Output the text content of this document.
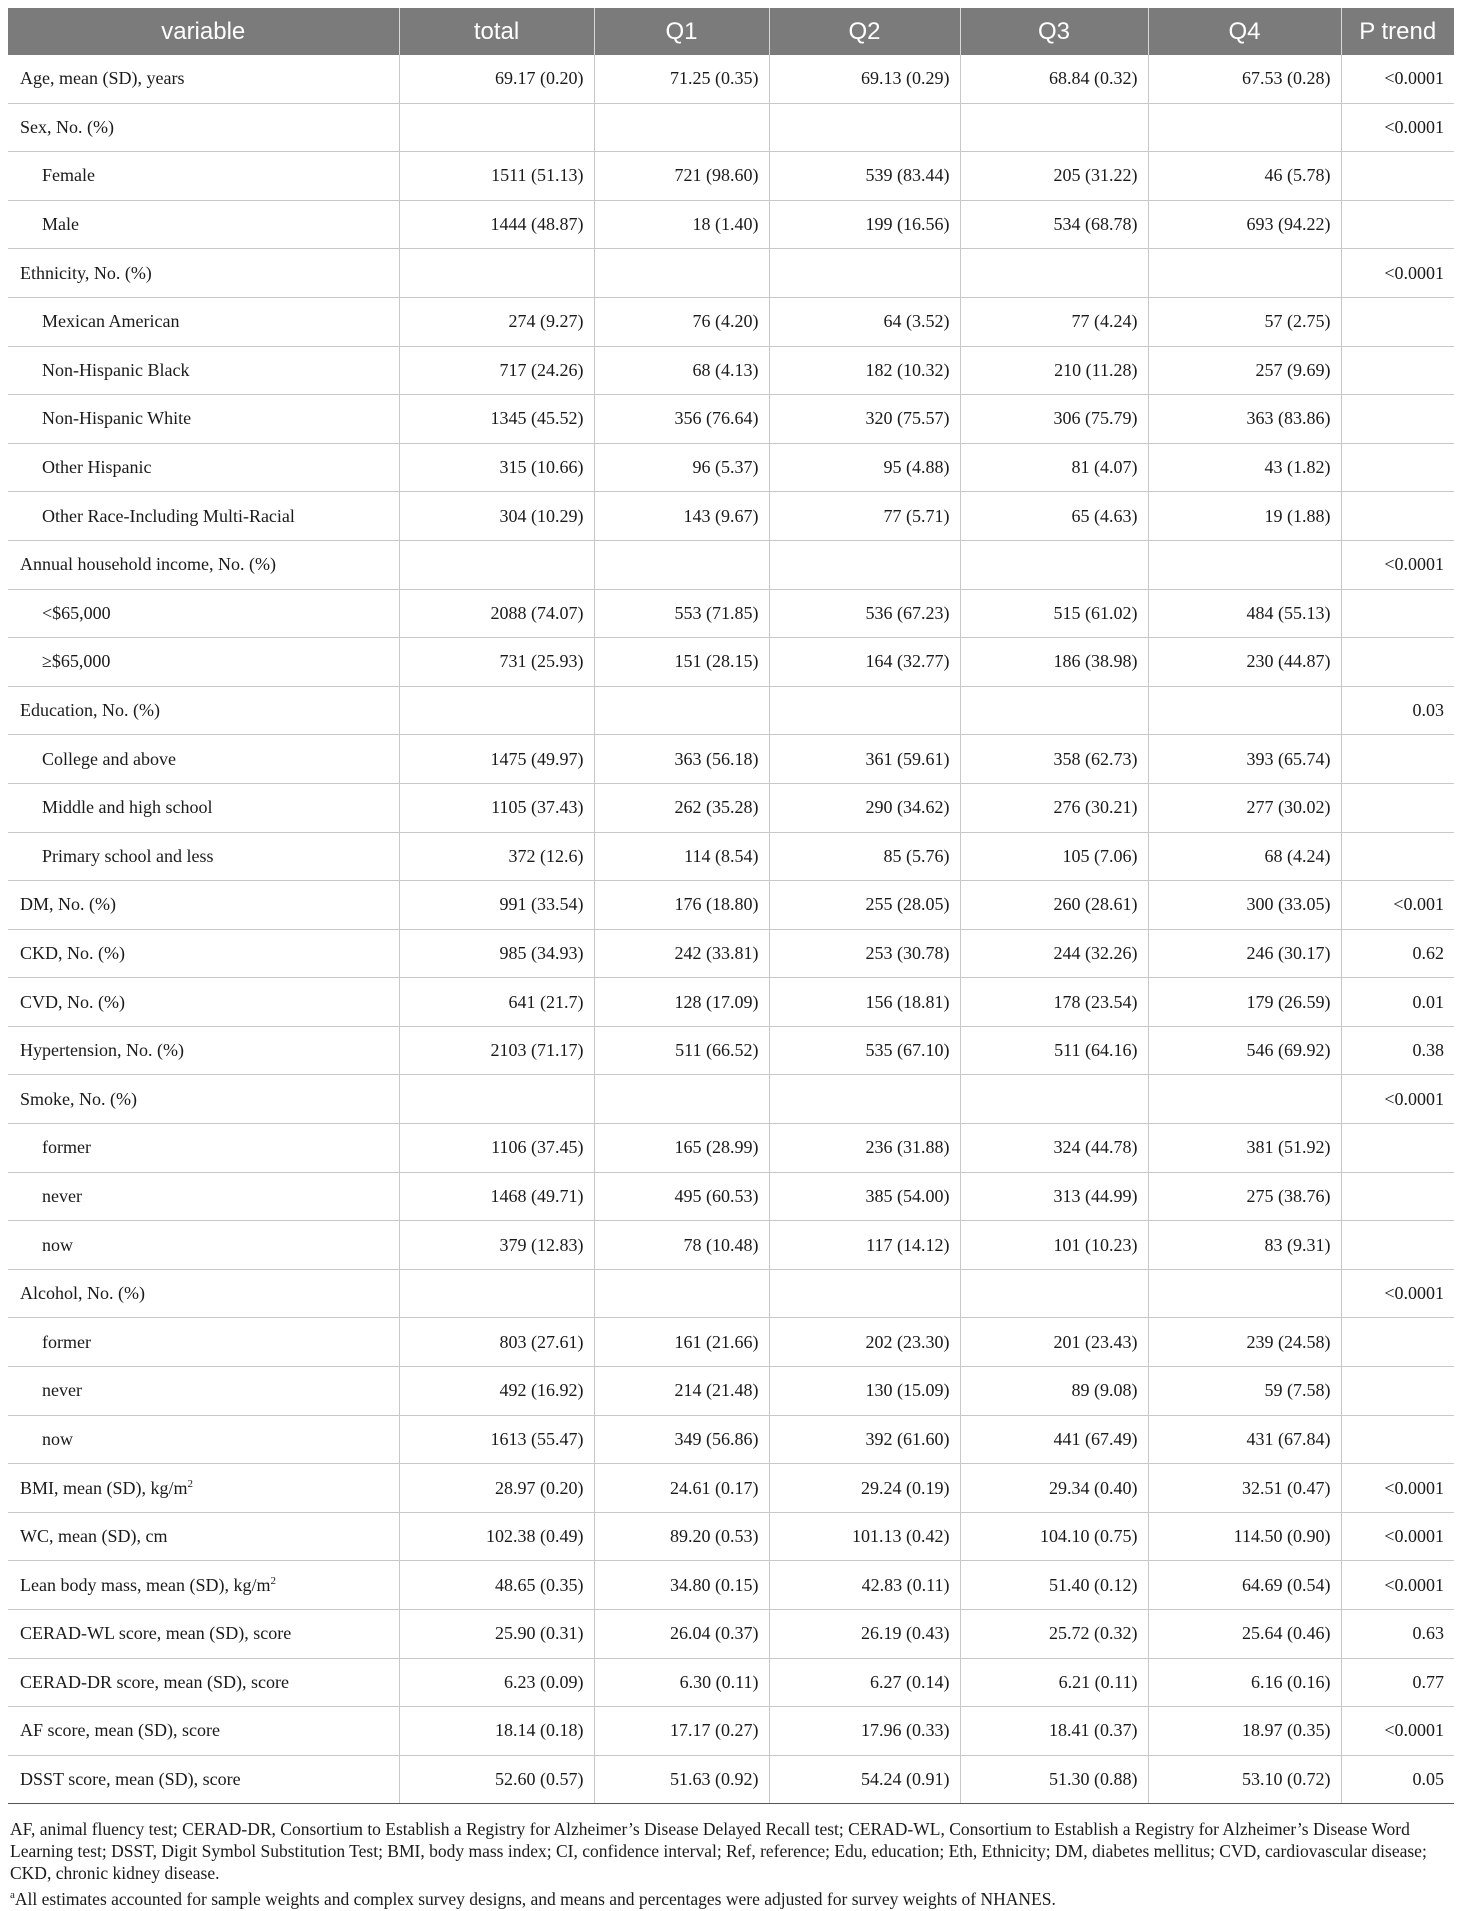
variable	total	Q1	Q2	Q3	Q4	P trend
Age, mean (SD), years	69.17 (0.20)	71.25 (0.35)	69.13 (0.29)	68.84 (0.32)	67.53 (0.28)	<0.0001
Sex, No. (%)						<0.0001
Female	1511 (51.13)	721 (98.60)	539 (83.44)	205 (31.22)	46 (5.78)	
Male	1444 (48.87)	18 (1.40)	199 (16.56)	534 (68.78)	693 (94.22)	
Ethnicity, No. (%)						<0.0001
Mexican American	274 (9.27)	76 (4.20)	64 (3.52)	77 (4.24)	57 (2.75)	
Non-Hispanic Black	717 (24.26)	68 (4.13)	182 (10.32)	210 (11.28)	257 (9.69)	
Non-Hispanic White	1345 (45.52)	356 (76.64)	320 (75.57)	306 (75.79)	363 (83.86)	
Other Hispanic	315 (10.66)	96 (5.37)	95 (4.88)	81 (4.07)	43 (1.82)	
Other Race-Including Multi-Racial	304 (10.29)	143 (9.67)	77 (5.71)	65 (4.63)	19 (1.88)	
Annual household income, No. (%)						<0.0001
<$65,000	2088 (74.07)	553 (71.85)	536 (67.23)	515 (61.02)	484 (55.13)	
≥$65,000	731 (25.93)	151 (28.15)	164 (32.77)	186 (38.98)	230 (44.87)	
Education, No. (%)						0.03
College and above	1475 (49.97)	363 (56.18)	361 (59.61)	358 (62.73)	393 (65.74)	
Middle and high school	1105 (37.43)	262 (35.28)	290 (34.62)	276 (30.21)	277 (30.02)	
Primary school and less	372 (12.6)	114 (8.54)	85 (5.76)	105 (7.06)	68 (4.24)	
DM, No. (%)	991 (33.54)	176 (18.80)	255 (28.05)	260 (28.61)	300 (33.05)	<0.001
CKD, No. (%)	985 (34.93)	242 (33.81)	253 (30.78)	244 (32.26)	246 (30.17)	0.62
CVD, No. (%)	641 (21.7)	128 (17.09)	156 (18.81)	178 (23.54)	179 (26.59)	0.01
Hypertension, No. (%)	2103 (71.17)	511 (66.52)	535 (67.10)	511 (64.16)	546 (69.92)	0.38
Smoke, No. (%)						<0.0001
former	1106 (37.45)	165 (28.99)	236 (31.88)	324 (44.78)	381 (51.92)	
never	1468 (49.71)	495 (60.53)	385 (54.00)	313 (44.99)	275 (38.76)	
now	379 (12.83)	78 (10.48)	117 (14.12)	101 (10.23)	83 (9.31)	
Alcohol, No. (%)						<0.0001
former	803 (27.61)	161 (21.66)	202 (23.30)	201 (23.43)	239 (24.58)	
never	492 (16.92)	214 (21.48)	130 (15.09)	89 (9.08)	59 (7.58)	
now	1613 (55.47)	349 (56.86)	392 (61.60)	441 (67.49)	431 (67.84)	
BMI, mean (SD), $kg/m^2$	28.97 (0.20)	24.61 (0.17)	29.24 (0.19)	29.34 (0.40)	32.51 (0.47)	<0.0001
WC, mean (SD), cm	102.38 (0.49)	89.20 (0.53)	101.13 (0.42)	104.10 (0.75)	114.50 (0.90)	<0.0001
Lean body mass, mean (SD), $kg/m^2$	48.65 (0.35)	34.80 (0.15)	42.83 (0.11)	51.40 (0.12)	64.69 (0.54)	<0.0001
CERAD-WL score, mean (SD), score	25.90 (0.31)	26.04 (0.37)	26.19 (0.43)	25.72 (0.32)	25.64 (0.46)	0.63
CERAD-DR score, mean (SD), score	6.23 (0.09)	6.30 (0.11)	6.27 (0.14)	6.21 (0.11)	6.16 (0.16)	0.77
AF score, mean (SD), score	18.14 (0.18)	17.17 (0.27)	17.96 (0.33)	18.41 (0.37)	18.97 (0.35)	<0.0001
DSST score, mean (SD), score	52.60 (0.57)	51.63 (0.92)	54.24 (0.91)	51.30 (0.88)	53.10 (0.72)	0.05

AF, animal fluency test; CERAD-DR, Consortium to Establish a Registry for Alzheimer’s Disease Delayed Recall test; CERAD-WL, Consortium to Establish a Registry for Alzheimer’s Disease Word Learning test; DSST, Digit Symbol Substitution Test; BMI, body mass index; CI, confidence interval; Ref, reference; Edu, education; Eth, Ethnicity; DM, diabetes mellitus; CVD, cardiovascular disease; CKD, chronic kidney disease.

$^a$All estimates accounted for sample weights and complex survey designs, and means and percentages were adjusted for survey weights of NHANES.
